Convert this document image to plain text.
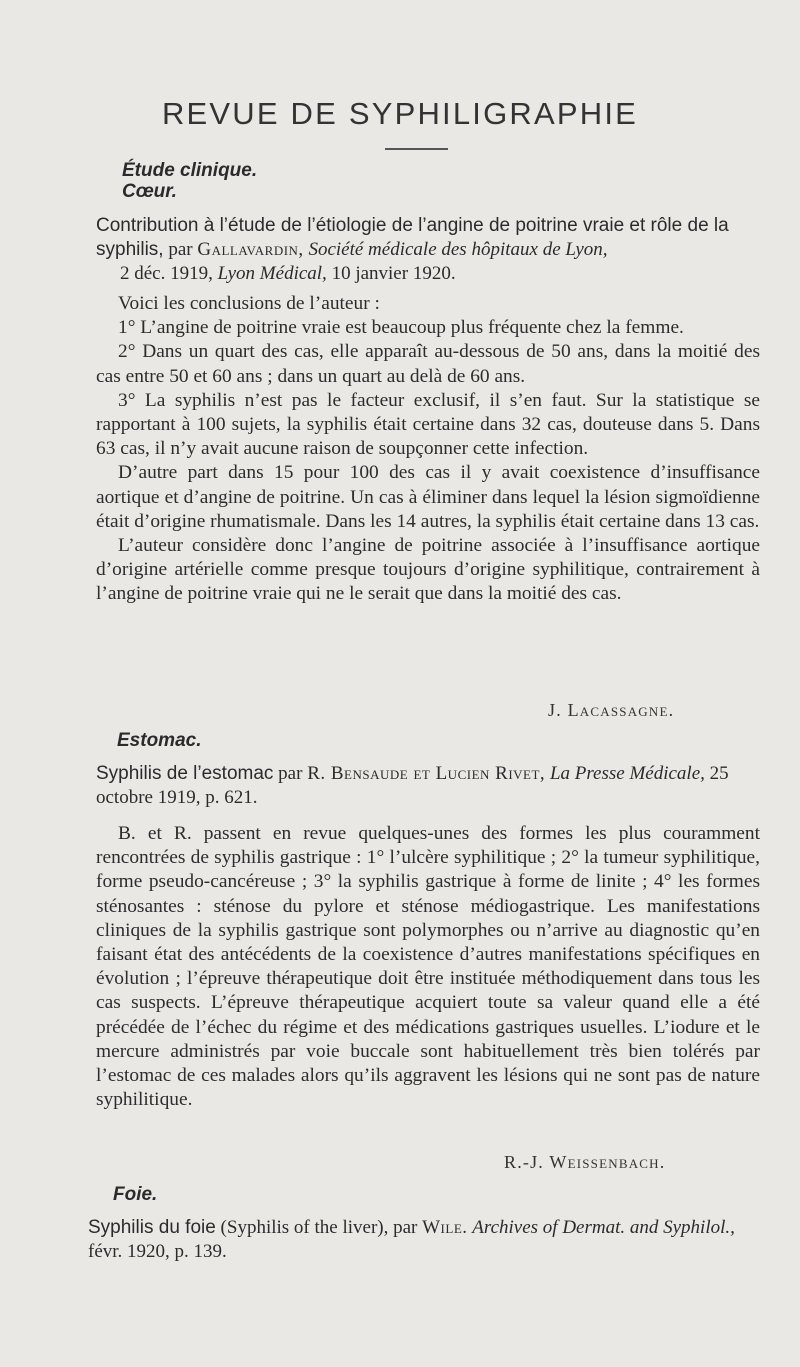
REVUE DE SYPHILIGRAPHIE
Étude clinique.
Cœur.
Contribution à l’étude de l’étiologie de l’angine de poitrine vraie et rôle de la syphilis, par Gallavardin, Société médicale des hôpitaux de Lyon,
2 déc. 1919, Lyon Médical, 10 janvier 1920.

Voici les conclusions de l’auteur :

1° L’angine de poitrine vraie est beaucoup plus fréquente chez la femme.

2° Dans un quart des cas, elle apparaît au-dessous de 50 ans, dans la moitié des cas entre 50 et 60 ans ; dans un quart au delà de 60 ans.

3° La syphilis n’est pas le facteur exclusif, il s’en faut. Sur la statistique se rapportant à 100 sujets, la syphilis était certaine dans 32 cas, douteuse dans 5. Dans 63 cas, il n’y avait aucune raison de soupçonner cette infection.

D’autre part dans 15 pour 100 des cas il y avait coexistence d’insuffisance aortique et d’angine de poitrine. Un cas à éliminer dans lequel la lésion sigmoïdienne était d’origine rhumatismale. Dans les 14 autres, la syphilis était certaine dans 13 cas.

L’auteur considère donc l’angine de poitrine associée à l’insuffisance aortique d’origine artérielle comme presque toujours d’origine syphilitique, contrairement à l’angine de poitrine vraie qui ne le serait que dans la moitié des cas.

J. Lacassagne.
Estomac.
Syphilis de l’estomac par R. Bensaude et Lucien Rivet, La Presse Médicale, 25 octobre 1919, p. 621.

B. et R. passent en revue quelques-unes des formes les plus couramment rencontrées de syphilis gastrique : 1° l’ulcère syphilitique ; 2° la tumeur syphilitique, forme pseudo-cancéreuse ; 3° la syphilis gastrique à forme de linite ; 4° les formes sténosantes : sténose du pylore et sténose médiogastrique. Les manifestations cliniques de la syphilis gastrique sont polymorphes ou n’arrive au diagnostic qu’en faisant état des antécédents de la coexistence d’autres manifestations spécifiques en évolution ; l’épreuve thérapeutique doit être instituée méthodiquement dans tous les cas suspects. L’épreuve thérapeutique acquiert toute sa valeur quand elle a été précédée de l’échec du régime et des médications gastriques usuelles. L’iodure et le mercure administrés par voie buccale sont habituellement très bien tolérés par l’estomac de ces malades alors qu’ils aggravent les lésions qui ne sont pas de nature syphilitique.

R.-J. Weissenbach.
Foie.
Syphilis du foie (Syphilis of the liver), par Wile. Archives of Dermat. and Syphilol., févr. 1920, p. 139.
